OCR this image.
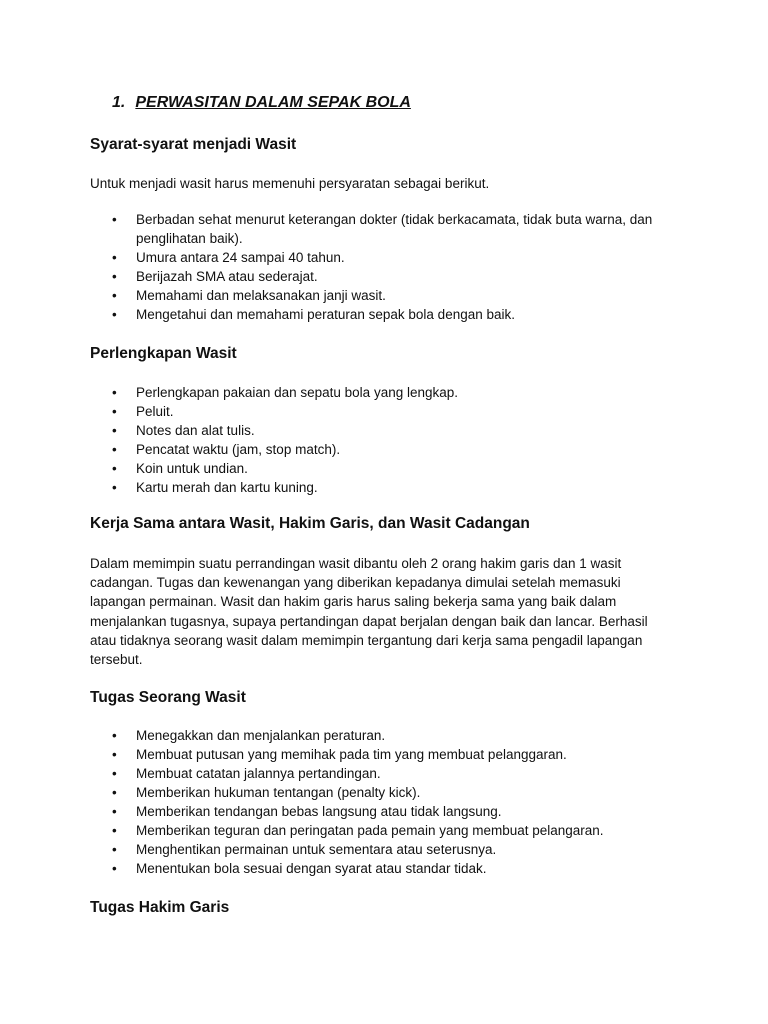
1. PERWASITAN DALAM SEPAK BOLA
Syarat-syarat menjadi Wasit

Untuk menjadi wasit harus memenuhi persyaratan sebagai berikut.

• Berbadan sehat menurut keterangan dokter (tidak berkacamata, tidak buta warna, dan penglihatan baik).
• Umura antara 24 sampai 40 tahun.
• Berijazah SMA atau sederajat.
• Memahami dan melaksanakan janji wasit.
• Mengetahui dan memahami peraturan sepak bola dengan baik.
Perlengkapan Wasit
• Perlengkapan pakaian dan sepatu bola yang lengkap.
• Peluit.
• Notes dan alat tulis.
• Pencatat waktu (jam, stop match).
• Koin untuk undian.
• Kartu merah dan kartu kuning.
Kerja Sama antara Wasit, Hakim Garis, dan Wasit Cadangan

Dalam memimpin suatu perrandingan wasit dibantu oleh 2 orang hakim garis dan 1 wasit cadangan. Tugas dan kewenangan yang diberikan kepadanya dimulai setelah memasuki lapangan permainan. Wasit dan hakim garis harus saling bekerja sama yang baik dalam menjalankan tugasnya, supaya pertandingan dapat berjalan dengan baik dan lancar. Berhasil atau tidaknya seorang wasit dalam memimpin tergantung dari kerja sama pengadil lapangan tersebut.

Tugas Seorang Wasit
• Menegakkan dan menjalankan peraturan.
• Membuat putusan yang memihak pada tim yang membuat pelanggaran.
• Membuat catatan jalannya pertandingan.
• Memberikan hukuman tentangan (penalty kick).
• Memberikan tendangan bebas langsung atau tidak langsung.
• Memberikan teguran dan peringatan pada pemain yang membuat pelangaran.
• Menghentikan permainan untuk sementara atau seterusnya.
• Menentukan bola sesuai dengan syarat atau standar tidak.
Tugas Hakim Garis
